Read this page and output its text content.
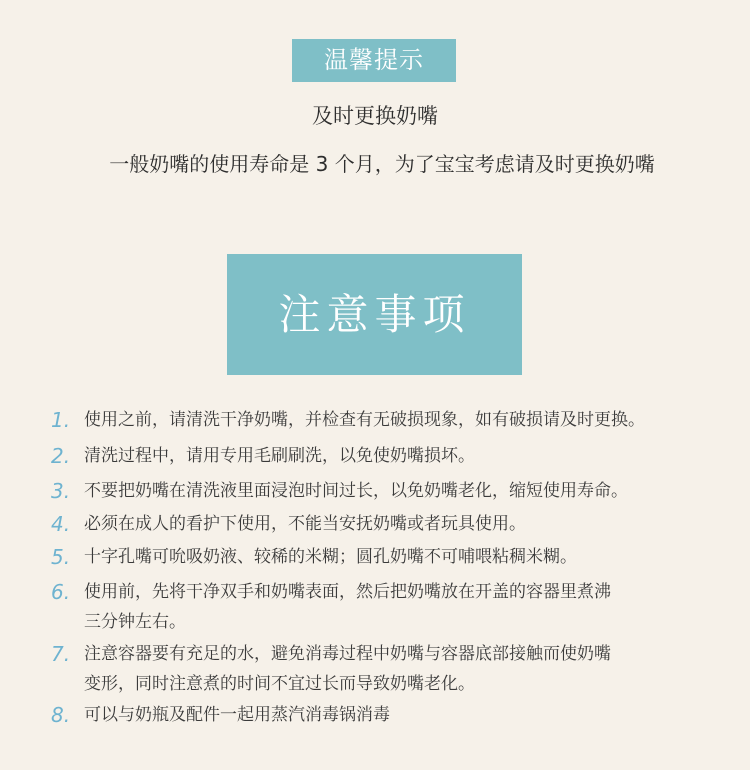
温馨提示
及时更换奶嘴
一般奶嘴的使用寿命是 3 个月，为了宝宝考虑请及时更换奶嘴
注意事项
1. 使用之前，请清洗干净奶嘴，并检查有无破损现象，如有破损请及时更换。
2. 清洗过程中，请用专用毛刷刷洗，以免使奶嘴损坏。
3. 不要把奶嘴在清洗液里面浸泡时间过长，以免奶嘴老化，缩短使用寿命。
4. 必须在成人的看护下使用，不能当安抚奶嘴或者玩具使用。
5. 十字孔嘴可吮吸奶液、较稀的米糊；圆孔奶嘴不可哺喂粘稠米糊。
6. 使用前，先将干净双手和奶嘴表面，然后把奶嘴放在开盖的容器里煮沸
三分钟左右。
7. 注意容器要有充足的水，避免消毒过程中奶嘴与容器底部接触而使奶嘴
变形，同时注意煮的时间不宜过长而导致奶嘴老化。
8. 可以与奶瓶及配件一起用蒸汽消毒锅消毒
